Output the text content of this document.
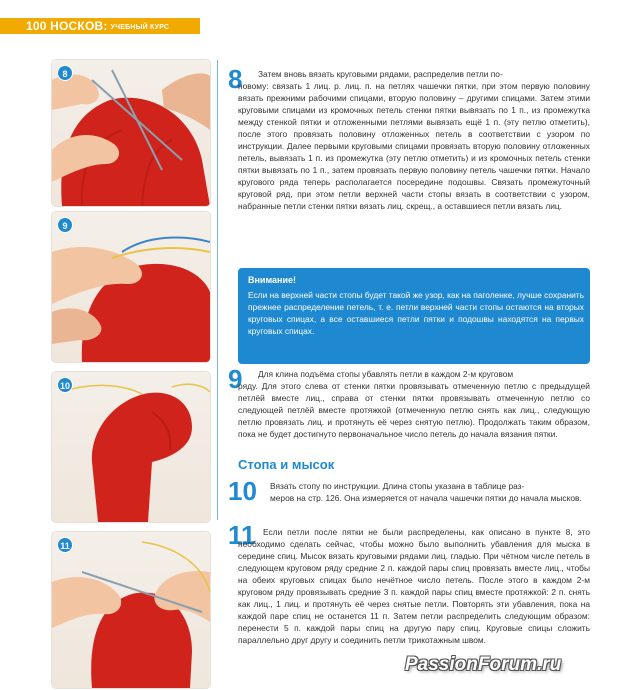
100 НОСКОВ: УЧЕБНЫЙ КУРС
8
9
10
11
8 Затем вновь вязать круговыми рядами, распределив петли по-
новому: связать 1 лиц. р. лиц. п. на петлях чашечки пятки, при этом первую половину вязать прежними рабочими спицами, вторую половину – другими спицами. Затем этими круговыми спицами из кромочных петель стенки пятки вывязать по 1 п., из промежутка между стенкой пятки и отложенными петлями вывязать ещё 1 п. (эту петлю отметить), после этого провязать половину отложенных петель в соответствии с узором по инструкции. Далее первыми круговыми спицами провязать вторую половину отложенных петель, вывязать 1 п. из промежутка (эту петлю отметить) и из кромочных петель стенки пятки вывязать по 1 п., затем провязать первую половину петель чашечки пятки. Начало кругового ряда теперь располагается посередине подошвы. Связать промежуточный круговой ряд, при этом петли верхней части стопы вязать в соответствии с узором, набранные петли стенки пятки вязать лиц. скрещ., а оставшиеся петли вязать лиц.
Внимание!
Если на верхней части стопы будет такой же узор, как на паголенке, лучше сохранить прежнее распределение петель, т. е. петли верхней части стопы остаются на вторых круговых спицах, а все оставшиеся петли пятки и подошвы находятся на первых круговых спицах.
9 Для клина подъёма стопы убавлять петли в каждом 2-м круговом
ряду. Для этого слева от стенки пятки провязывать отмеченную петлю с предыдущей петлёй вместе лиц., справа от стенки пятки провязывать отмеченную петлю со следующей петлёй вместе протяжкой (отмеченную петлю снять как лиц., следующую петлю провязать лиц. и протянуть её через снятую петлю). Продолжать таким образом, пока не будет достигнуто первоначальное число петель до начала вязания пятки.
Стопа и мысок
10 Вязать стопу по инструкции. Длина стопы указана в таблице раз-
меров на стр. 126. Она измеряется от начала чашечки пятки до начала мысков.
11 Если петли после пятки не были распределены, как описано в пункте 8, это необходимо сделать сейчас, чтобы можно было выполнить убавления для мыска в середине спиц. Мысок вязать круговыми рядами лиц. гладью. При чётном числе петель в следующем круговом ряду средние 2 п. каждой пары спиц провязать вместе лиц., чтобы на обеих круговых спицах было нечётное число петель. После этого в каждом 2-м круговом ряду провязывать средние 3 п. каждой пары спиц вместе протяжкой: 2 п. снять как лиц., 1 лиц. и протянуть её через снятые петли. Повторять эти убавления, пока на каждой паре спиц не останется 11 п. Затем петли распределить следующим образом: перенести 5 п. каждой пары спиц на другую пару спиц. Круговые спицы сложить параллельно друг другу и соединить петли трикотажным швом.
PassionForum.ru
